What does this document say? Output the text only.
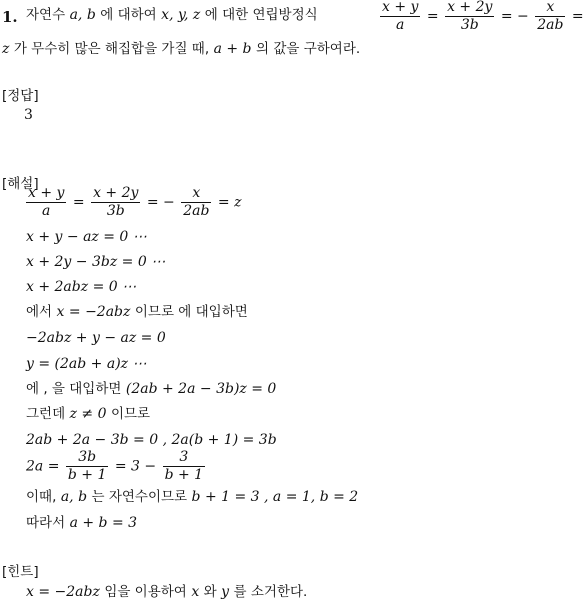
1. 자연수 a, b 에 대하여 x, y, z 에 대한 연립방정식	$\frac{x + y}{a} = \frac{x + 2y}{3b}$ = − $\frac{x}{2ab}$ =
z 가 무수히 많은 해집합을 가질 때, a + b 의 값을 구하여라.
[정답]
3
[해설]
$\frac{x + y}{a} = \frac{x + 2y}{3b}$ = − $\frac{x}{2ab} = z$
x + y − az = 0 ⋯
x + 2y − 3bz = 0 ⋯
x + 2abz = 0 ⋯
에서 x = −2abz 이므로 에 대입하면
−2abz + y − az = 0
y = (2ab + a)z ⋯
에 , 을 대입하면 (2ab + 2a − 3b)z = 0
그런데 z ≠ 0 이므로
2ab + 2a − 3b = 0 , 2a(b + 1) = 3b
$2a = \frac{3b}{b + 1} = 3 - \frac{3}{b + 1}$
이때, a, b 는 자연수이므로 b + 1 = 3 , a = 1, b = 2
따라서 a + b = 3
[힌트]
x = −2abz 임을 이용하여 x 와 y 를 소거한다.
